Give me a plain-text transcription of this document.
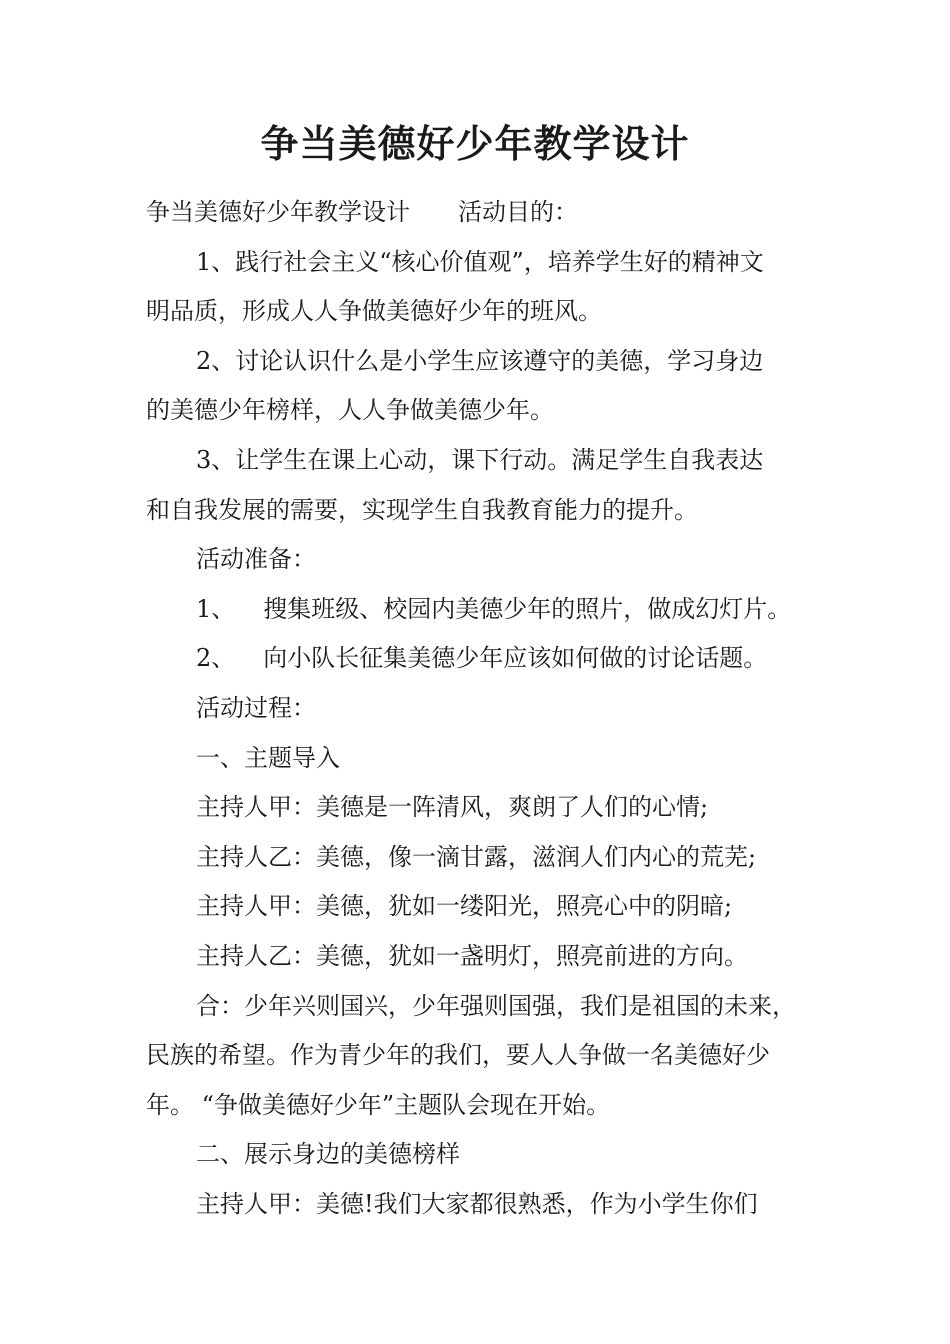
争当美德好少年教学设计

争当美德好少年教学设计 活动目的：

1、践行社会主义“核心价值观”，培养学生好的精神文

明品质，形成人人争做美德好少年的班风。

2、讨论认识什么是小学生应该遵守的美德，学习身边

的美德少年榜样，人人争做美德少年。

3、让学生在课上心动，课下行动。满足学生自我表达

和自我发展的需要，实现学生自我教育能力的提升。

活动准备：

1、 搜集班级、校园内美德少年的照片，做成幻灯片。

2、 向小队长征集美德少年应该如何做的讨论话题。

活动过程：

一、主题导入

主持人甲：美德是一阵清风，爽朗了人们的心情;

主持人乙：美德，像一滴甘露，滋润人们内心的荒芜;

主持人甲：美德，犹如一缕阳光，照亮心中的阴暗;

主持人乙：美德，犹如一盏明灯，照亮前进的方向。

合：少年兴则国兴，少年强则国强，我们是祖国的未来，

民族的希望。作为青少年的我们，要人人争做一名美德好少

年。 “争做美德好少年”主题队会现在开始。

二、展示身边的美德榜样

主持人甲：美德!我们大家都很熟悉，作为小学生你们
